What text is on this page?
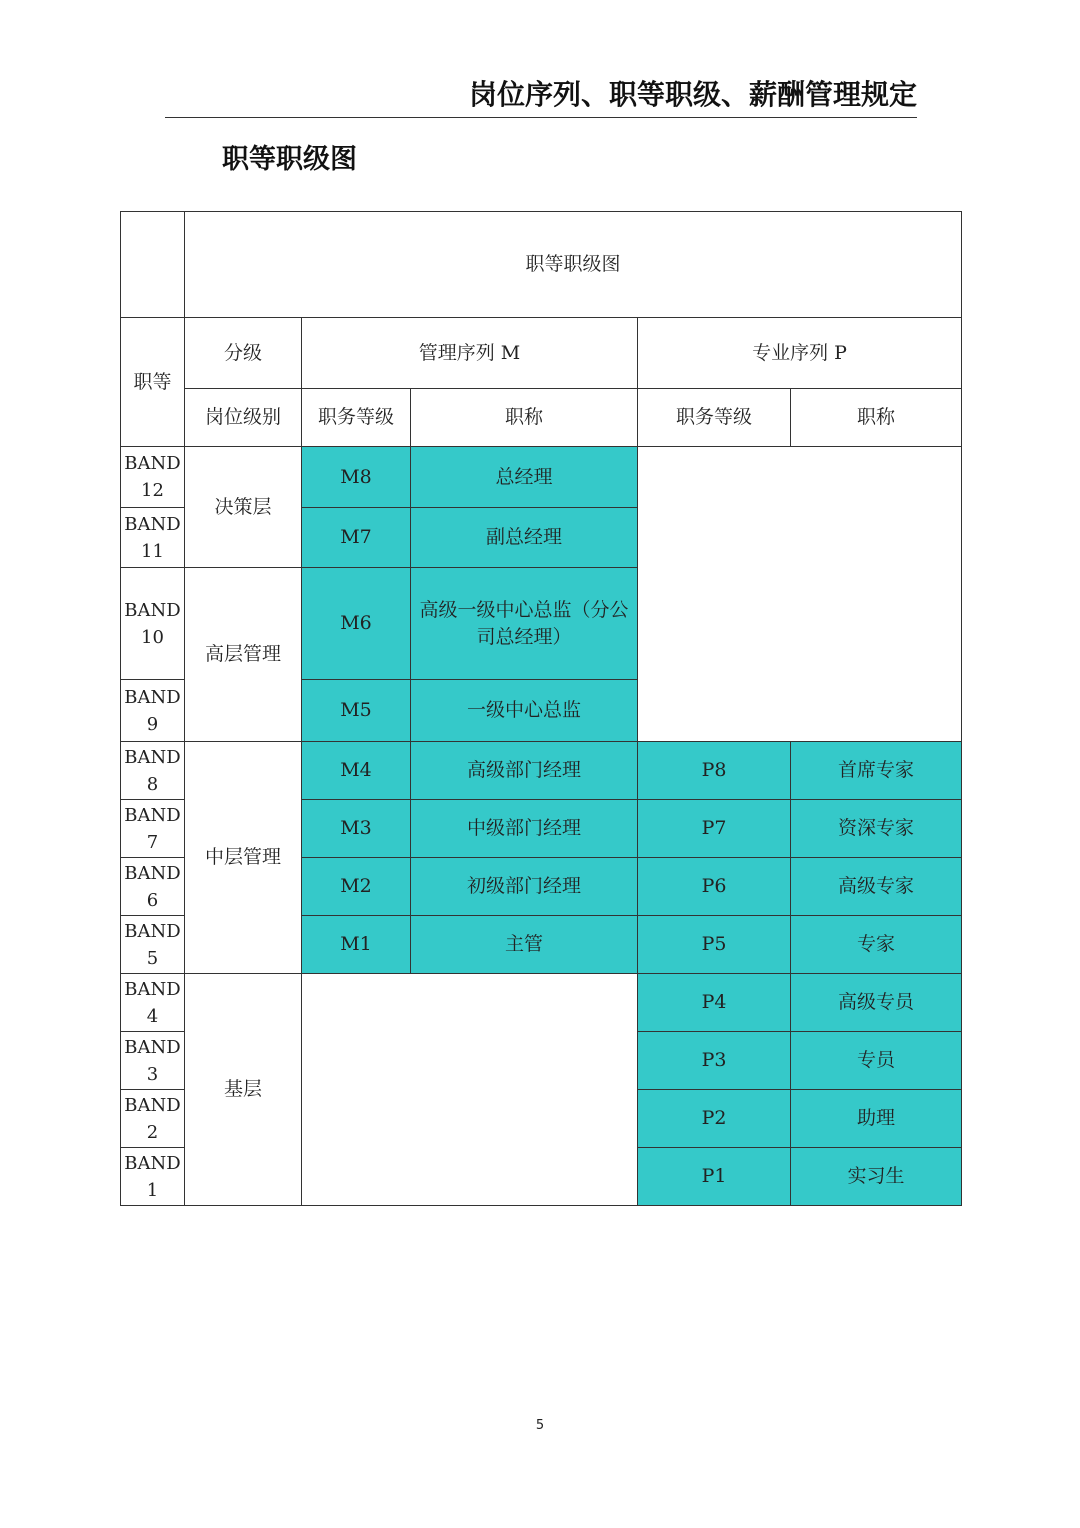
岗位序列、职等职级、薪酬管理规定
职等职级图
	职等职级图				
职等	分级	管理序列 M		专业序列 P	
	岗位级别	职务等级	职称	职务等级	职称
BAND12	决策层	M8	总经理		
BAND11		M7	副总经理		
BAND10	高层管理	M6	高级一级中心总监（分公司总经理）		
BAND9		M5	一级中心总监		
BAND8	中层管理	M4	高级部门经理	P8	首席专家
BAND7		M3	中级部门经理	P7	资深专家
BAND6		M2	初级部门经理	P6	高级专家
BAND5		M1	主管	P5	专家
BAND4	基层			P4	高级专员
BAND3				P3	专员
BAND2				P2	助理
BAND1				P1	实习生
5
